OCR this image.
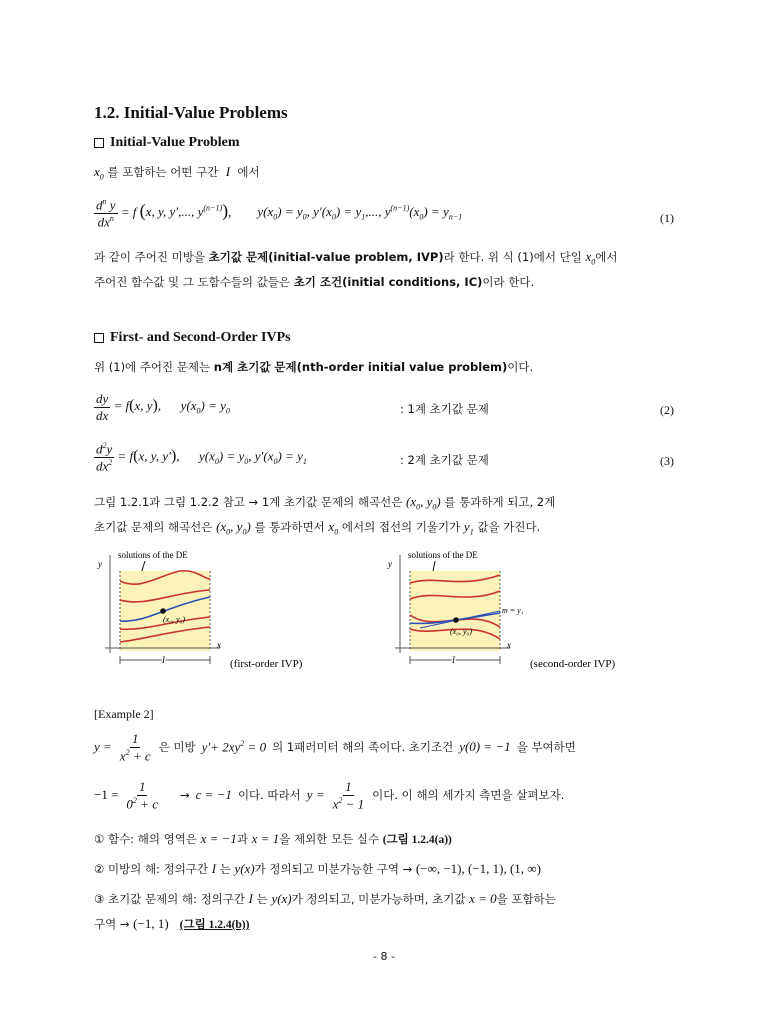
1.2. Initial-Value Problems
Initial-Value Problem
$x_0$ 를 포함하는 어떤 구간 I 에서
$\frac{d^n y}{dx^n} = f$ (x, y, y′,..., $y^{(n-1)}$),        $y(x_0) = y_0$, $y'(x_0) = y_1$,..., $y^{(n-1)}(x_0) = y_{n-1}$	(1)
과 같이 주어진 미방을 초기값 문제(initial-value problem, IVP)라 한다. 위 식 (1)에서 단일 $x_0$에서
주어진 함수값 및 그 도함수들의 값들은 초기 조건(initial conditions, IC)이라 한다.
First- and Second-Order IVPs
위 (1)에 주어진 문제는 n계 초기값 문제(nth-order initial value problem)이다.
$\frac{dy}{dx} = f(x$, y),      $y(x_0) = y_0$	: 1계 초기값 문제	(2)
$\frac{d^2y}{dx^2} = f(x$, y, y′),      $y(x_0) = y_0$, $y'(x_0) = y_1$	: 2계 초기값 문제	(3)
그림 1.2.1과 그림 1.2.2 참고 → 1계 초기값 문제의 해곡선은 ($x_0$, $y_0$) 를 통과하게 되고, 2계
초기값 문제의 해곡선은 ($x_0$, $y_0$) 를 통과하면서 $x_0$ 에서의 접선의 기울기가 $y_1$ 값을 가진다.
solutions of the DE
y
x
(x₀, y₀)
I	(first-order IVP)
solutions of the DE
y
x
(x₀, y₀)
m = y₁
I	(second-order IVP)
[Example 2]
$y = \frac{1}{x^2 + c}$ 은 미방 $y'+ 2xy^2 = 0$ 의 1패러미터 해의 족이다. 초기조건 y(0) = −1 을 부여하면
$-1 = \frac{1}{0^2 + c} \to c = -1$ 이다. 따라서 $y = \frac{1}{x^2 - 1}$ 이다. 이 해의 세가지 측면을 살펴보자.
① 함수: 해의 영역은 x = −1과 x = 1을 제외한 모든 실수 (그림 1.2.4(a))
② 미방의 해: 정의구간 I 는 y(x)가 정의되고 미분가능한 구역 → (−∞, −1), (−1, 1), (1, ∞)
③ 초기값 문제의 해: 정의구간 I 는 y(x)가 정의되고, 미분가능하며, 초기값 x = 0을 포함하는
구역 → (−1, 1) (그림 1.2.4(b))
- 8 -
